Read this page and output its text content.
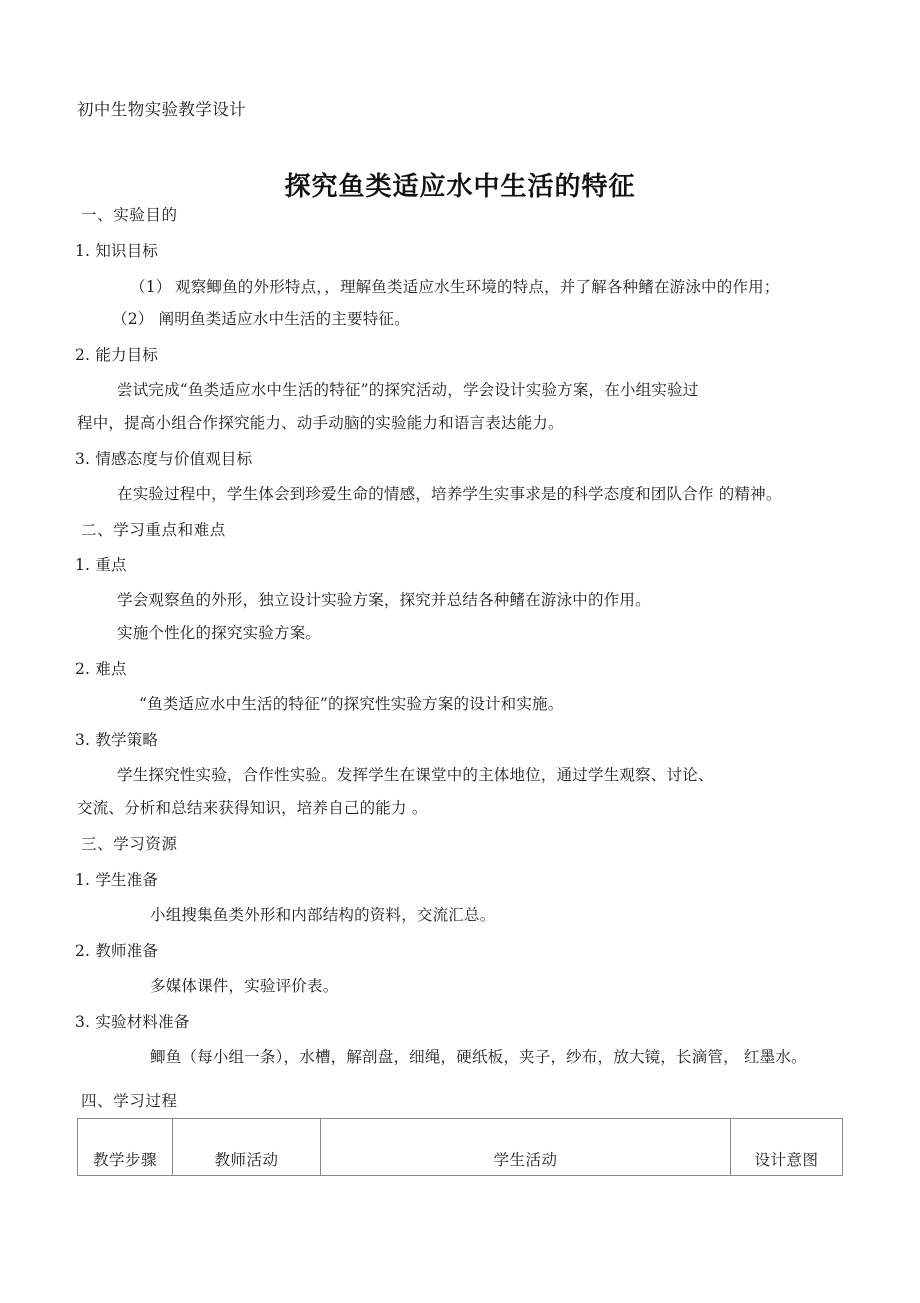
初中生物实验教学设计
探究鱼类适应水中生活的特征
一、实验目的
1. 知识目标
（1） 观察鲫鱼的外形特点，，理解鱼类适应水生环境的特点，并了解各种鳍在游泳中的作用；
（2） 阐明鱼类适应水中生活的主要特征。
2. 能力目标
尝试完成“鱼类适应水中生活的特征”的探究活动，学会设计实验方案，在小组实验过
程中，提高小组合作探究能力、动手动脑的实验能力和语言表达能力。
3. 情感态度与价值观目标
在实验过程中，学生体会到珍爱生命的情感，培养学生实事求是的科学态度和团队合作 的精神。
二、学习重点和难点
1. 重点
学会观察鱼的外形，独立设计实验方案，探究并总结各种鳍在游泳中的作用。
实施个性化的探究实验方案。
2. 难点
“鱼类适应水中生活的特征”的探究性实验方案的设计和实施。
3. 教学策略
学生探究性实验，合作性实验。发挥学生在课堂中的主体地位，通过学生观察、讨论、
交流、分析和总结来获得知识，培养自己的能力 。
三、学习资源
1. 学生准备
小组搜集鱼类外形和内部结构的资料，交流汇总。
2. 教师准备
多媒体课件，实验评价表。
3. 实验材料准备
鲫鱼（每小组一条），水槽，解剖盘，细绳，硬纸板，夹子，纱布，放大镜，长滴管， 红墨水。
四、学习过程
教学步骤	教师活动	学生活动	设计意图
